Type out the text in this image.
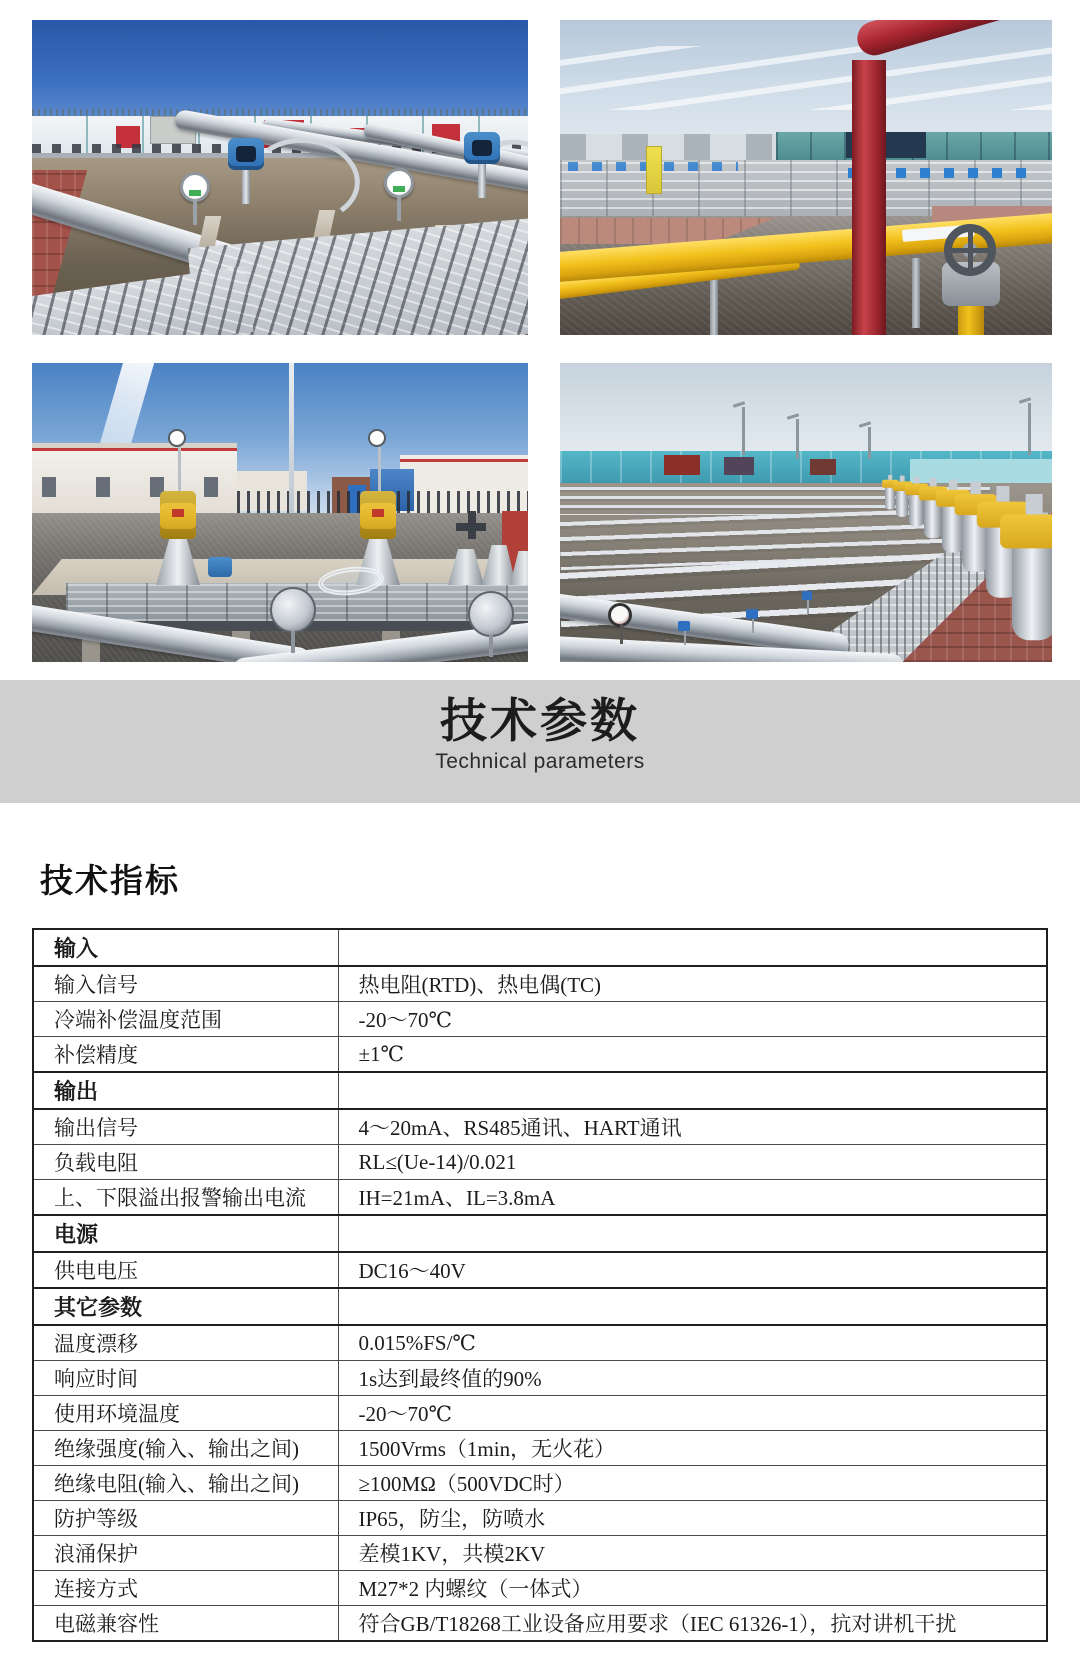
技术参数
Technical parameters
技术指标
输入	
输入信号	热电阻(RTD)、热电偶(TC)
冷端补偿温度范围	-20～70℃
补偿精度	±1℃
输出	
输出信号	4～20mA、RS485通讯、HART通讯
负载电阻	RL≤(Ue-14)/0.021
上、下限溢出报警输出电流	IH=21mA、IL=3.8mA
电源	
供电电压	DC16～40V
其它参数	
温度漂移	0.015%FS/℃
响应时间	1s达到最终值的90%
使用环境温度	-20～70℃
绝缘强度(输入、输出之间)	1500Vrms（1min，无火花）
绝缘电阻(输入、输出之间)	≥100MΩ（500VDC时）
防护等级	IP65，防尘，防喷水
浪涌保护	差模1KV，共模2KV
连接方式	M27*2 内螺纹（一体式）
电磁兼容性	符合GB/T18268工业设备应用要求（IEC 61326-1），抗对讲机干扰
